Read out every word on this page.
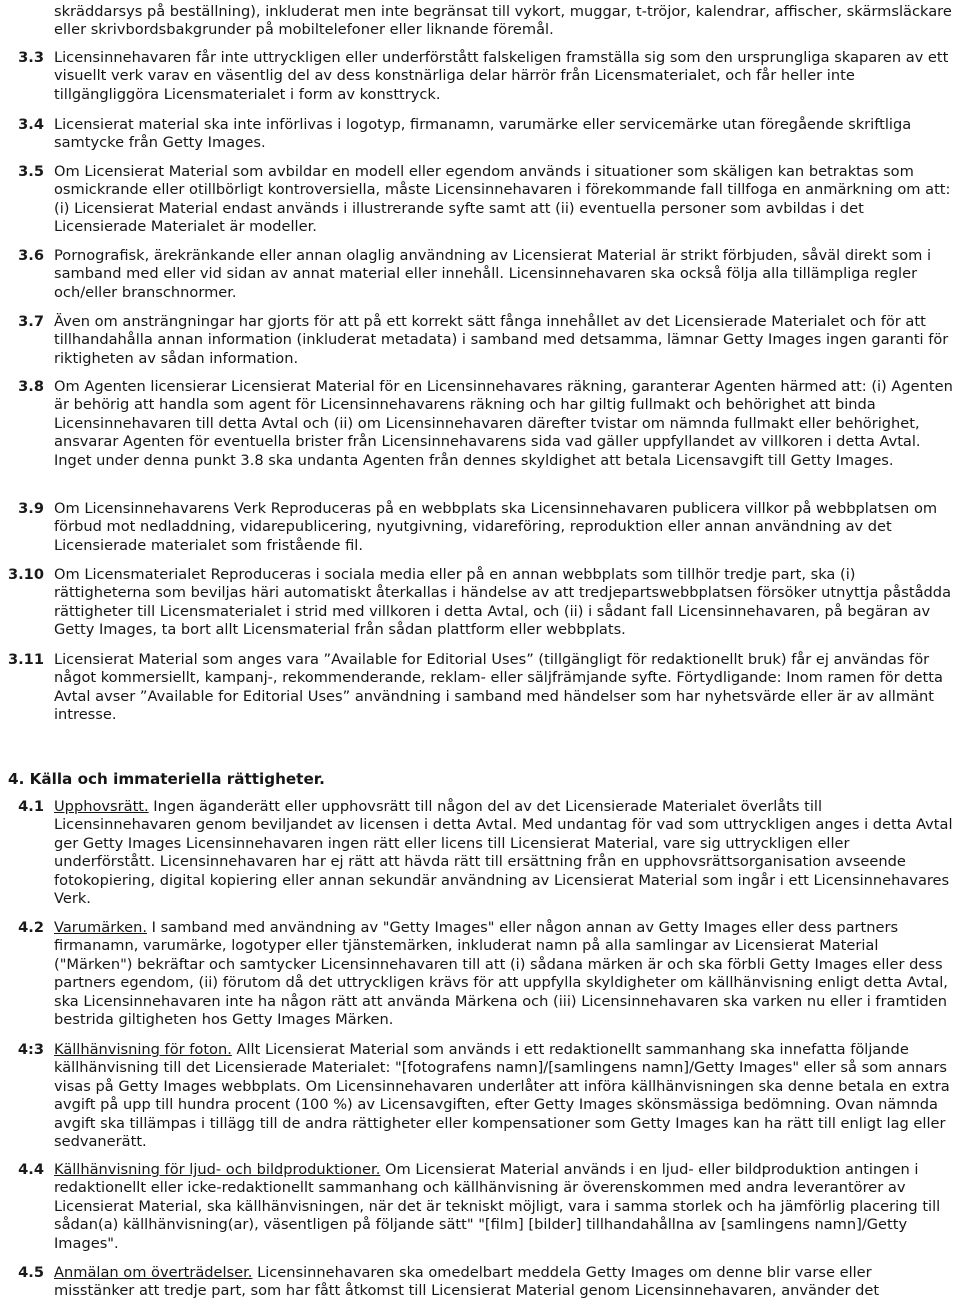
skräddarsys på beställning), inkluderat men inte begränsat till vykort, muggar, t-tröjor, kalendrar, affischer, skärmsläckare eller skrivbordsbakgrunder på mobiltelefoner eller liknande föremål.
3.3 Licensinnehavaren får inte uttryckligen eller underförstått falskeligen framställa sig som den ursprungliga skaparen av ett visuellt verk varav en väsentlig del av dess konstnärliga delar härrör från Licensmaterialet, och får heller inte tillgängliggöra Licensmaterialet i form av konsttryck.
3.4 Licensierat material ska inte införlivas i logotyp, firmanamn, varumärke eller servicemärke utan föregående skriftliga samtycke från Getty Images.
3.5 Om Licensierat Material som avbildar en modell eller egendom används i situationer som skäligen kan betraktas som osmickrande eller otillbörligt kontroversiella, måste Licensinnehavaren i förekommande fall tillfoga en anmärkning om att: (i) Licensierat Material endast används i illustrerande syfte samt att (ii) eventuella personer som avbildas i det Licensierade Materialet är modeller.
3.6 Pornografisk, ärekränkande eller annan olaglig användning av Licensierat Material är strikt förbjuden, såväl direkt som i samband med eller vid sidan av annat material eller innehåll. Licensinnehavaren ska också följa alla tillämpliga regler och/eller branschnormer.
3.7 Även om ansträngningar har gjorts för att på ett korrekt sätt fånga innehållet av det Licensierade Materialet och för att tillhandahålla annan information (inkluderat metadata) i samband med detsamma, lämnar Getty Images ingen garanti för riktigheten av sådan information.
3.8 Om Agenten licensierar Licensierat Material för en Licensinnehavares räkning, garanterar Agenten härmed att: (i) Agenten är behörig att handla som agent för Licensinnehavarens räkning och har giltig fullmakt och behörighet att binda Licensinnehavaren till detta Avtal och (ii) om Licensinnehavaren därefter tvistar om nämnda fullmakt eller behörighet, ansvarar Agenten för eventuella brister från Licensinnehavarens sida vad gäller uppfyllandet av villkoren i detta Avtal. Inget under denna punkt 3.8 ska undanta Agenten från dennes skyldighet att betala Licensavgift till Getty Images.
3.9 Om Licensinnehavarens Verk Reproduceras på en webbplats ska Licensinnehavaren publicera villkor på webbplatsen om förbud mot nedladdning, vidarepublicering, nyutgivning, vidareföring, reproduktion eller annan användning av det Licensierade materialet som fristående fil.
3.10 Om Licensmaterialet Reproduceras i sociala media eller på en annan webbplats som tillhör tredje part, ska (i) rättigheterna som beviljas häri automatiskt återkallas i händelse av att tredjepartswebbplatsen försöker utnyttja påstådda rättigheter till Licensmaterialet i strid med villkoren i detta Avtal, och (ii) i sådant fall Licensinnehavaren, på begäran av Getty Images, ta bort allt Licensmaterial från sådan plattform eller webbplats.
3.11 Licensierat Material som anges vara ”Available for Editorial Uses” (tillgängligt för redaktionellt bruk) får ej användas för något kommersiellt, kampanj-, rekommenderande, reklam- eller säljfrämjande syfte. Förtydligande: Inom ramen för detta Avtal avser ”Available for Editorial Uses” användning i samband med händelser som har nyhetsvärde eller är av allmänt intresse.
4. Källa och immateriella rättigheter.
4.1 Upphovsrätt. Ingen äganderätt eller upphovsrätt till någon del av det Licensierade Materialet överlåts till Licensinnehavaren genom beviljandet av licensen i detta Avtal. Med undantag för vad som uttryckligen anges i detta Avtal ger Getty Images Licensinnehavaren ingen rätt eller licens till Licensierat Material, vare sig uttryckligen eller underförstått. Licensinnehavaren har ej rätt att hävda rätt till ersättning från en upphovsrättsorganisation avseende fotokopiering, digital kopiering eller annan sekundär användning av Licensierat Material som ingår i ett Licensinnehavares Verk.
4.2 Varumärken. I samband med användning av "Getty Images" eller någon annan av Getty Images eller dess partners firmanamn, varumärke, logotyper eller tjänstemärken, inkluderat namn på alla samlingar av Licensierat Material ("Märken") bekräftar och samtycker Licensinnehavaren till att (i) sådana märken är och ska förbli Getty Images eller dess partners egendom, (ii) förutom då det uttryckligen krävs för att uppfylla skyldigheter om källhänvisning enligt detta Avtal, ska Licensinnehavaren inte ha någon rätt att använda Märkena och (iii) Licensinnehavaren ska varken nu eller i framtiden bestrida giltigheten hos Getty Images Märken.
4:3 Källhänvisning för foton. Allt Licensierat Material som används i ett redaktionellt sammanhang ska innefatta följande källhänvisning till det Licensierade Materialet: "[fotografens namn]/[samlingens namn]/Getty Images" eller så som annars visas på Getty Images webbplats. Om Licensinnehavaren underlåter att införa källhänvisningen ska denne betala en extra avgift på upp till hundra procent (100 %) av Licensavgiften, efter Getty Images skönsmässiga bedömning. Ovan nämnda avgift ska tillämpas i tillägg till de andra rättigheter eller kompensationer som Getty Images kan ha rätt till enligt lag eller sedvanerätt.
4.4 Källhänvisning för ljud- och bildproduktioner. Om Licensierat Material används i en ljud- eller bildproduktion antingen i redaktionellt eller icke-redaktionellt sammanhang och källhänvisning är överenskommen med andra leverantörer av Licensierat Material, ska källhänvisningen, när det är tekniskt möjligt, vara i samma storlek och ha jämförlig placering till sådan(a) källhänvisning(ar), väsentligen på följande sätt" "[film] [bilder] tillhandahållna av [samlingens namn]/Getty Images".
4.5 Anmälan om överträdelser. Licensinnehavaren ska omedelbart meddela Getty Images om denne blir varse eller misstänker att tredje part, som har fått åtkomst till Licensierat Material genom Licensinnehavaren, använder det
